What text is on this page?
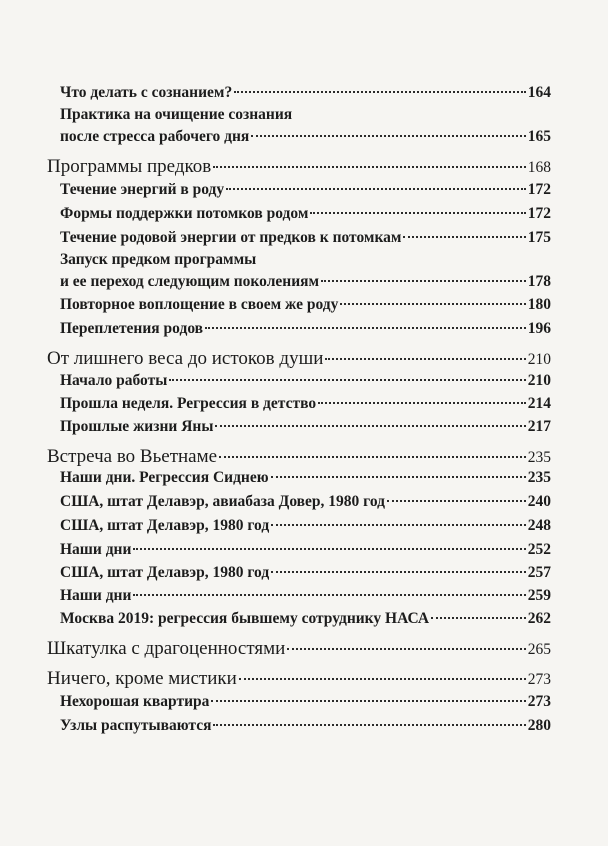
Что делать с сознанием?	164
Практика на очищение сознания
после стресса рабочего дня	165
Программы предков	168
Течение энергий в роду	172
Формы поддержки потомков родом	172
Течение родовой энергии от предков к потомкам	175
Запуск предком программы
и ее переход следующим поколениям	178
Повторное воплощение в своем же роду	180
Переплетения родов	196
От лишнего веса до истоков души	210
Начало работы	210
Прошла неделя. Регрессия в детство	214
Прошлые жизни Яны	217
Встреча во Вьетнаме	235
Наши дни. Регрессия Сиднею	235
США, штат Делавэр, авиабаза Довер, 1980 год	240
США, штат Делавэр, 1980 год	248
Наши дни	252
США, штат Делавэр, 1980 год	257
Наши дни	259
Москва 2019: регрессия бывшему сотруднику НАСА	262
Шкатулка с драгоценностями	265
Ничего, кроме мистики	273
Нехорошая квартира	273
Узлы распутываются	280
